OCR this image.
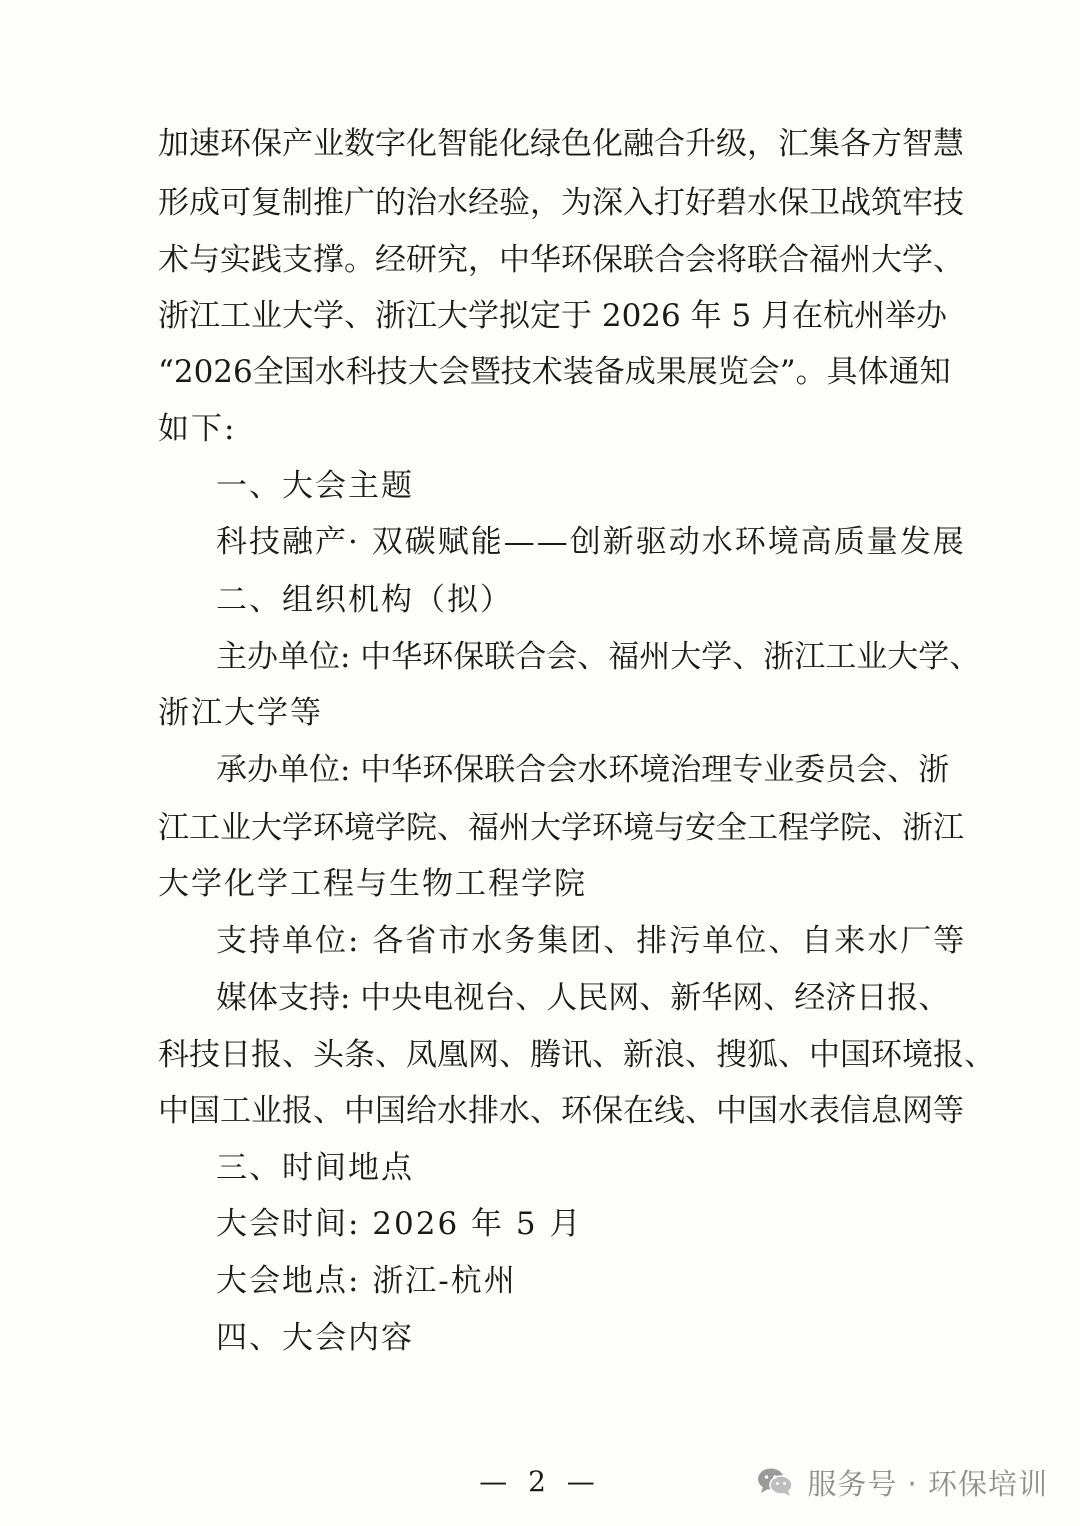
加速环保产业数字化智能化绿色化融合升级，汇集各方智慧
形成可复制推广的治水经验，为深入打好碧水保卫战筑牢技
术与实践支撑。经研究，中华环保联合会将联合福州大学、
浙江工业大学、浙江大学拟定于 2026 年 5 月在杭州举办
“2026全国水科技大会暨技术装备成果展览会”。具体通知
如下:
一、大会主题
科技融产· 双碳赋能——创新驱动水环境高质量发展
二、组织机构（拟）
主办单位: 中华环保联合会、福州大学、浙江工业大学、
浙江大学等
承办单位: 中华环保联合会水环境治理专业委员会、浙
江工业大学环境学院、福州大学环境与安全工程学院、浙江
大学化学工程与生物工程学院
支持单位: 各省市水务集团、排污单位、自来水厂等
媒体支持: 中央电视台、人民网、新华网、经济日报、
科技日报、头条、凤凰网、腾讯、新浪、搜狐、中国环境报、
中国工业报、中国给水排水、环保在线、中国水表信息网等
三、时间地点
大会时间: 2026 年 5 月
大会地点: 浙江-杭州
四、大会内容
— 2 —	服务号 · 环保培训
